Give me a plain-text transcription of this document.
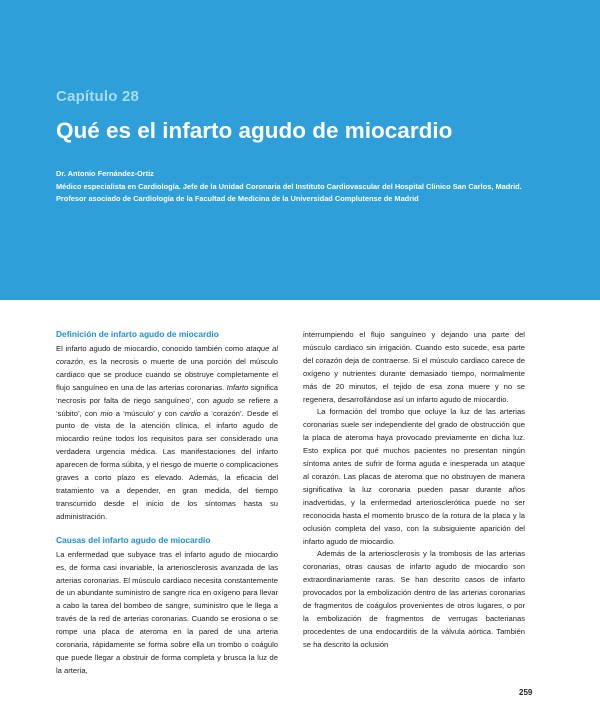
Capítulo 28
Qué es el infarto agudo de miocardio
Dr. Antonio Fernández-Ortiz
Médico especialista en Cardiología. Jefe de la Unidad Coronaria del Instituto Cardiovascular del Hospital Clínico San Carlos, Madrid.
Profesor asociado de Cardiología de la Facultad de Medicina de la Universidad Complutense de Madrid
Definición de infarto agudo de miocardio

El infarto agudo de miocardio, conocido también como ataque al corazón, es la necrosis o muerte de una porción del músculo cardiaco que se produce cuando se obstruye completamente el flujo sanguíneo en una de las arterias coronarias. Infarto significa ‘necrosis por falta de riego sanguíneo’, con agudo se refiere a ‘súbito’, con mio a ‘músculo’ y con cardio a ‘corazón’. Desde el punto de vista de la atención clínica, el infarto agudo de miocardio reúne todos los requisitos para ser considerado una verdadera urgencia médica. Las manifestaciones del infarto aparecen de forma súbita, y el riesgo de muerte o complicaciones graves a corto plazo es elevado. Además, la eficacia del tratamiento va a depender, en gran medida, del tiempo transcurrido desde el inicio de los síntomas hasta su administración.

Causas del infarto agudo de miocardio

La enfermedad que subyace tras el infarto agudo de miocardio es, de forma casi invariable, la arteriosclerosis avanzada de las arterias coronarias. El músculo cardiaco necesita constantemente de un abundante suministro de sangre rica en oxígeno para llevar a cabo la tarea del bombeo de sangre, suministro que le llega a través de la red de arterias coronarias. Cuando se erosiona o se rompe una placa de ateroma en la pared de una arteria coronaria, rápidamente se forma sobre ella un trombo o coágulo que puede llegar a obstruir de forma completa y brusca la luz de la arteria,

interrumpiendo el flujo sanguíneo y dejando una parte del músculo cardiaco sin irrigación. Cuando esto sucede, esa parte del corazón deja de contraerse. Si el músculo cardiaco carece de oxígeno y nutrientes durante demasiado tiempo, normalmente más de 20 minutos, el tejido de esa zona muere y no se regenera, desarrollándose así un infarto agudo de miocardio.

La formación del trombo que ocluye la luz de las arterias coronarias suele ser independiente del grado de obstrucción que la placa de ateroma haya provocado previamente en dicha luz. Esto explica por qué muchos pacientes no presentan ningún síntoma antes de sufrir de forma aguda e inesperada un ataque al corazón. Las placas de ateroma que no obstruyen de manera significativa la luz coronaria pueden pasar durante años inadvertidas, y la enfermedad arteriosclerótica puede no ser reconocida hasta el momento brusco de la rotura de la placa y la oclusión completa del vaso, con la subsiguiente aparición del infarto agudo de miocardio.

Además de la arteriosclerosis y la trombosis de las arterias coronarias, otras causas de infarto agudo de miocardio son extraordinariamente raras. Se han descrito casos de infarto provocados por la embolización dentro de las arterias coronarias de fragmentos de coágulos provenientes de otros lugares, o por la embolización de fragmentos de verrugas bacterianas procedentes de una endocarditis de la válvula aórtica. También se ha descrito la oclusión

259
